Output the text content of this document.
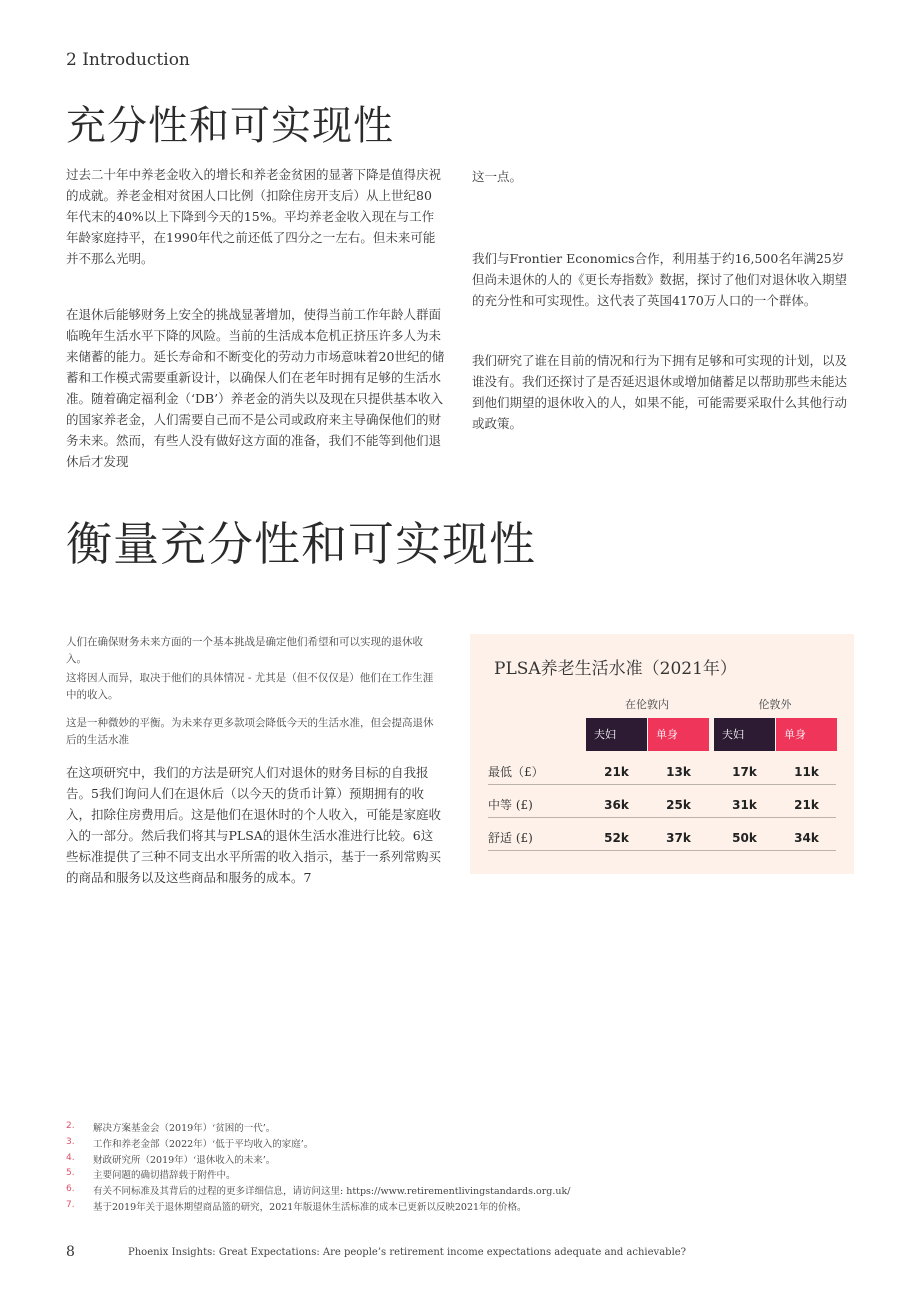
2 Introduction
充分性和可实现性
过去二十年中养老金收入的增长和养老金贫困的显著下降是值得庆祝的成就。养老金相对贫困人口比例（扣除住房开支后）从上世纪80年代末的40%以上下降到今天的15%。平均养老金收入现在与工作年龄家庭持平，在1990年代之前还低了四分之一左右。但未来可能并不那么光明。
在退休后能够财务上安全的挑战显著增加，使得当前工作年龄人群面临晚年生活水平下降的风险。当前的生活成本危机正挤压许多人为未来储蓄的能力。延长寿命和不断变化的劳动力市场意味着20世纪的储蓄和工作模式需要重新设计，以确保人们在老年时拥有足够的生活水准。随着确定福利金（‘DB’）养老金的消失以及现在只提供基本收入的国家养老金，人们需要自己而不是公司或政府来主导确保他们的财务未来。然而，有些人没有做好这方面的准备，我们不能等到他们退休后才发现
这一点。
我们与Frontier Economics合作，利用基于约16,500名年满25岁但尚未退休的人的《更长寿指数》数据，探讨了他们对退休收入期望的充分性和可实现性。这代表了英国4170万人口的一个群体。
我们研究了谁在目前的情况和行为下拥有足够和可实现的计划，以及谁没有。我们还探讨了是否延迟退休或增加储蓄足以帮助那些未能达到他们期望的退休收入的人，如果不能，可能需要采取什么其他行动或政策。
衡量充分性和可实现性
人们在确保财务未来方面的一个基本挑战是确定他们希望和可以实现的退休收入。
这将因人而异，取决于他们的具体情况 - 尤其是（但不仅仅是）他们在工作生涯中的收入。
这是一种微妙的平衡。为未来存更多款项会降低今天的生活水准，但会提高退休后的生活水准
在这项研究中，我们的方法是研究人们对退休的财务目标的自我报告。5我们询问人们在退休后（以今天的货币计算）预期拥有的收入，扣除住房费用后。这是他们在退休时的个人收入，可能是家庭收入的一部分。然后我们将其与PLSA的退休生活水准进行比较。6这些标准提供了三种不同支出水平所需的收入指示，基于一系列常购买的商品和服务以及这些商品和服务的成本。7
PLSA养老生活水准（2021年）
在伦敦内	伦敦外
夫妇	单身	夫妇	单身
最低（£）	21k	13k	17k	11k
中等 (£)	36k	25k	31k	21k
舒适 (£)	52k	37k	50k	34k
2. 解决方案基金会（2019年）‘贫困的一代’。
3. 工作和养老金部（2022年）‘低于平均收入的家庭’。
4. 财政研究所（2019年）‘退休收入的未来’。
5. 主要问题的确切措辞载于附件中。
6. 有关不同标准及其背后的过程的更多详细信息，请访问这里: https://www.retirementlivingstandards.org.uk/
7. 基于2019年关于退休期望商品篮的研究，2021年版退休生活标准的成本已更新以反映2021年的价格。
8	Phoenix Insights: Great Expectations: Are people’s retirement income expectations adequate and achievable?
